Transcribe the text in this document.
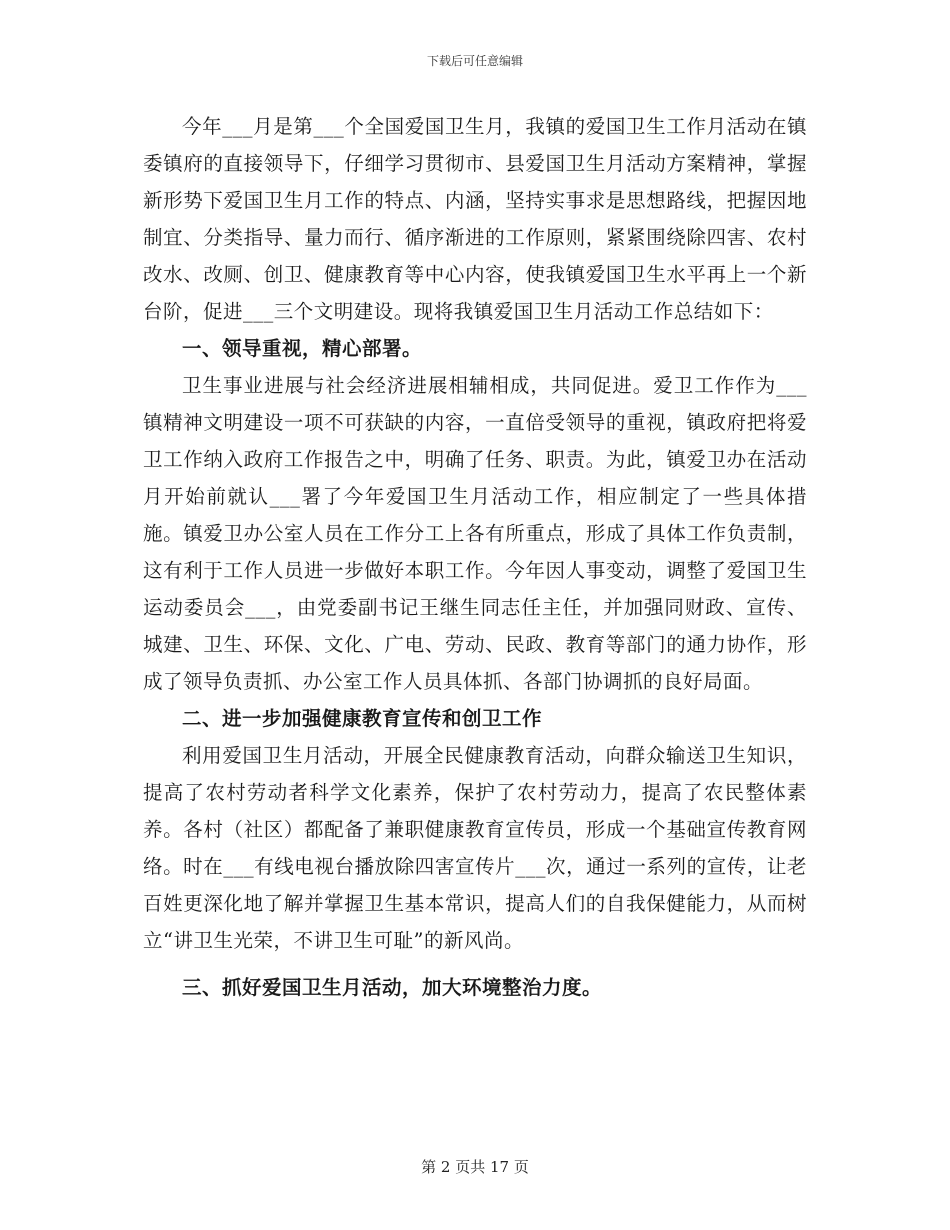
下载后可任意编辑

今年___月是第___个全国爱国卫生月，我镇的爱国卫生工作月活动在镇委镇府的直接领导下，仔细学习贯彻市、县爱国卫生月活动方案精神，掌握新形势下爱国卫生月工作的特点、内涵，坚持实事求是思想路线，把握因地制宜、分类指导、量力而行、循序渐进的工作原则，紧紧围绕除四害、农村改水、改厕、创卫、健康教育等中心内容，使我镇爱国卫生水平再上一个新台阶，促进___三个文明建设。现将我镇爱国卫生月活动工作总结如下：

一、领导重视，精心部署。

卫生事业进展与社会经济进展相辅相成，共同促进。爱卫工作作为___镇精神文明建设一项不可获缺的内容，一直倍受领导的重视，镇政府把将爱卫工作纳入政府工作报告之中，明确了任务、职责。为此，镇爱卫办在活动月开始前就认___署了今年爱国卫生月活动工作，相应制定了一些具体措施。镇爱卫办公室人员在工作分工上各有所重点，形成了具体工作负责制，这有利于工作人员进一步做好本职工作。今年因人事变动，调整了爱国卫生运动委员会___，由党委副书记王继生同志任主任，并加强同财政、宣传、城建、卫生、环保、文化、广电、劳动、民政、教育等部门的通力协作，形成了领导负责抓、办公室工作人员具体抓、各部门协调抓的良好局面。

二、进一步加强健康教育宣传和创卫工作

利用爱国卫生月活动，开展全民健康教育活动，向群众输送卫生知识，提高了农村劳动者科学文化素养，保护了农村劳动力，提高了农民整体素养。各村（社区）都配备了兼职健康教育宣传员，形成一个基础宣传教育网络。时在___有线电视台播放除四害宣传片___次，通过一系列的宣传，让老百姓更深化地了解并掌握卫生基本常识，提高人们的自我保健能力，从而树立“讲卫生光荣，不讲卫生可耻”的新风尚。

三、抓好爱国卫生月活动，加大环境整治力度。

第 2 页共 17 页
